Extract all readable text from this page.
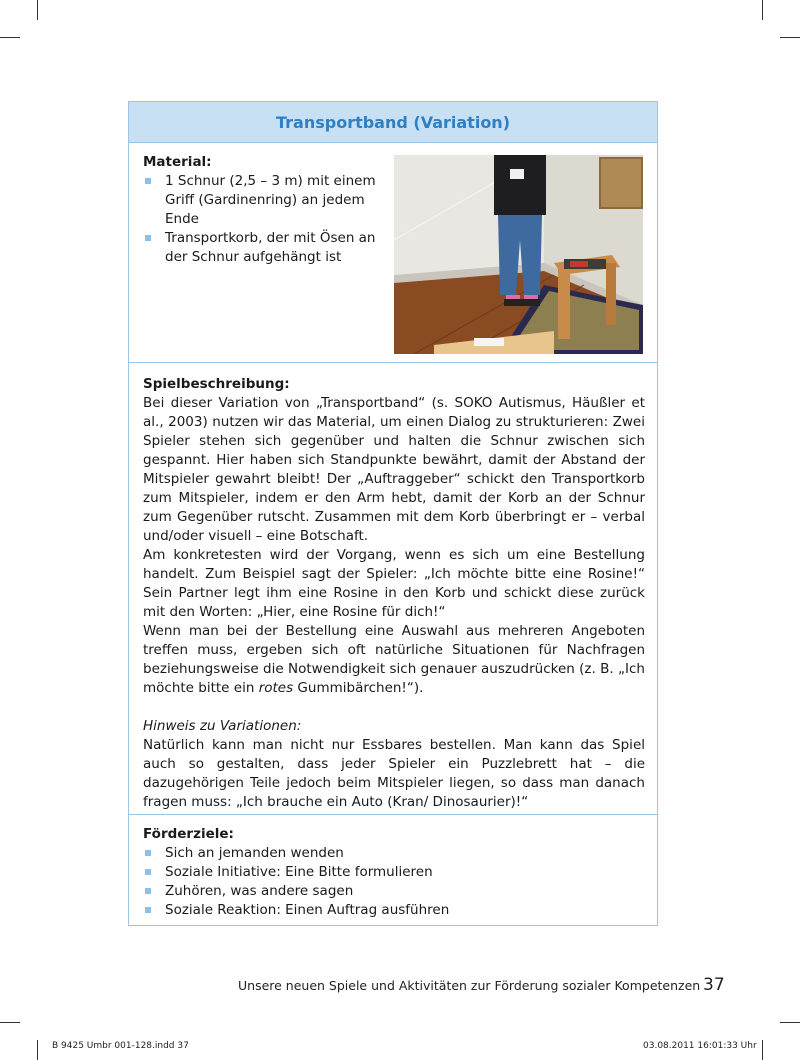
Transportband (Variation)
Material:
1 Schnur (2,5 – 3 m) mit einem Griff (Gardinenring) an jedem Ende
Transportkorb, der mit Ösen an der Schnur aufgehängt ist
Spielbeschreibung:

Bei dieser Variation von „Transportband“ (s. SOKO Autismus, Häußler et al., 2003) nutzen wir das Material, um einen Dialog zu strukturieren: Zwei Spieler stehen sich gegenüber und halten die Schnur zwischen sich gespannt. Hier haben sich Standpunkte bewährt, damit der Abstand der Mitspieler gewahrt bleibt! Der „Auftraggeber“ schickt den Transportkorb zum Mitspieler, indem er den Arm hebt, damit der Korb an der Schnur zum Gegenüber rutscht. Zusammen mit dem Korb überbringt er – verbal und/oder visuell – eine Botschaft.

Am konkretesten wird der Vorgang, wenn es sich um eine Bestellung handelt. Zum Beispiel sagt der Spieler: „Ich möchte bitte eine Rosine!“ Sein Partner legt ihm eine Rosine in den Korb und schickt diese zurück mit den Worten: „Hier, eine Rosine für dich!“

Wenn man bei der Bestellung eine Auswahl aus mehreren Angeboten treffen muss, ergeben sich oft natürliche Situationen für Nachfragen beziehungsweise die Notwendigkeit sich genauer auszudrücken (z. B. „Ich möchte bitte ein rotes Gummibärchen!“).

Hinweis zu Variationen:

Natürlich kann man nicht nur Essbares bestellen. Man kann das Spiel auch so gestalten, dass jeder Spieler ein Puzzlebrett hat – die dazugehörigen Teile jedoch beim Mitspieler liegen, so dass man danach fragen muss: „Ich brauche ein Auto (Kran/ Dinosaurier)!“

Förderziele:
Sich an jemanden wenden
Soziale Initiative: Eine Bitte formulieren
Zuhören, was andere sagen
Soziale Reaktion: Einen Auftrag ausführen
Unsere neuen Spiele und Aktivitäten zur Förderung sozialer Kompetenzen 37
B 9425 Umbr 001-128.indd 37	03.08.2011 16:01:33 Uhr
